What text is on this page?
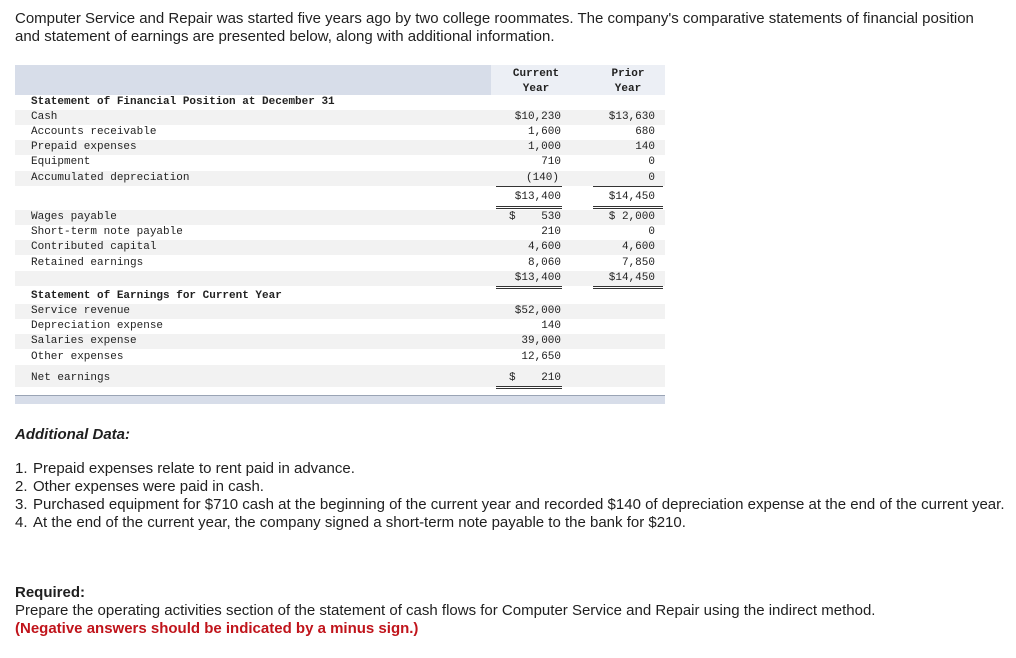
Computer Service and Repair was started five years ago by two college roommates. The company's comparative statements of financial position and statement of earnings are presented below, along with additional information.

Current
Year
Prior
Year
Statement of Financial Position at December 31
Cash	$10,230	$13,630
Accounts receivable	1,600	680
Prepaid expenses	1,000	140
Equipment	710	0
Accumulated depreciation	(140)	0
$13,400	$14,450
Wages payable	$	530	$ 2,000
Short-term note payable	210	0
Contributed capital	4,600	4,600
Retained earnings	8,060	7,850
$13,400	$14,450
Statement of Earnings for Current Year
Service revenue	$52,000
Depreciation expense	140
Salaries expense	39,000
Other expenses	12,650
Net earnings	$	210
Additional Data:
1. Prepaid expenses relate to rent paid in advance.
2. Other expenses were paid in cash.
3. Purchased equipment for $710 cash at the beginning of the current year and recorded $140 of depreciation expense at the end of the current year.
4. At the end of the current year, the company signed a short-term note payable to the bank for $210.
Required:
Prepare the operating activities section of the statement of cash flows for Computer Service and Repair using the indirect method.
(Negative answers should be indicated by a minus sign.)
